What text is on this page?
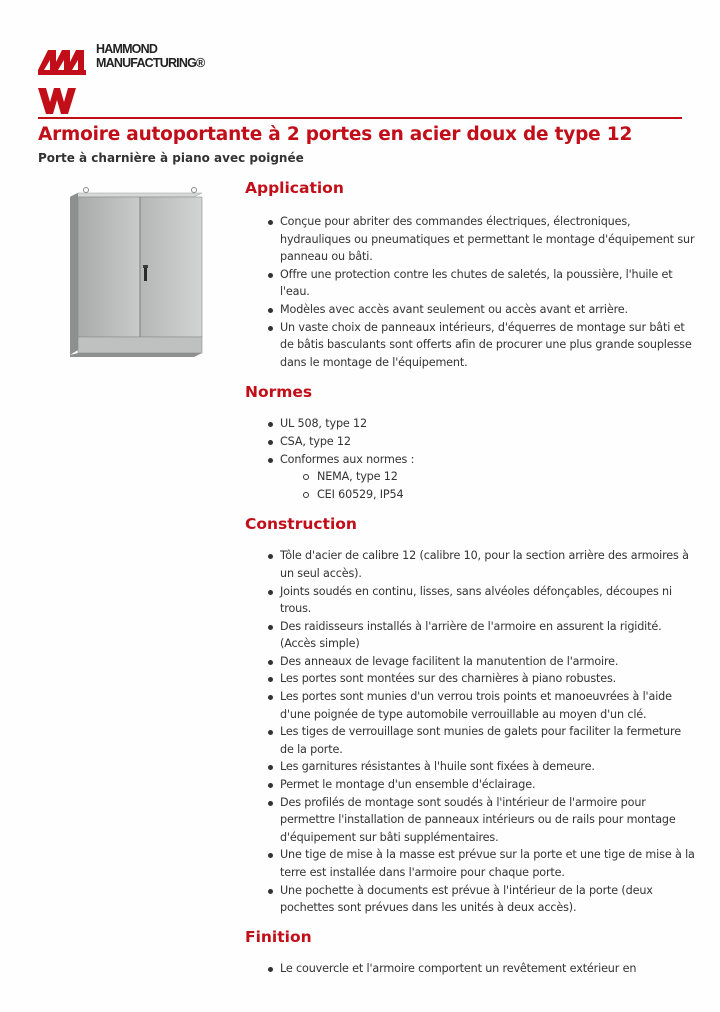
HAMMOND
MANUFACTURING®
Armoire autoportante à 2 portes en acier doux de type 12

Porte à charnière à piano avec poignée

Application
Conçue pour abriter des commandes électriques, électroniques, hydrauliques ou pneumatiques et permettant le montage d'équipement sur panneau ou bâti.
Offre une protection contre les chutes de saletés, la poussière, l'huile et l'eau.
Modèles avec accès avant seulement ou accès avant et arrière.
Un vaste choix de panneaux intérieurs, d'équerres de montage sur bâti et de bâtis basculants sont offerts afin de procurer une plus grande souplesse dans le montage de l'équipement.
Normes
UL 508, type 12
CSA, type 12
Conformes aux normes :
NEMA, type 12
CEI 60529, IP54
Construction
Tôle d'acier de calibre 12 (calibre 10, pour la section arrière des armoires à un seul accès).
Joints soudés en continu, lisses, sans alvéoles défonçables, découpes ni trous.
Des raidisseurs installés à l'arrière de l'armoire en assurent la rigidité. (Accès simple)
Des anneaux de levage facilitent la manutention de l'armoire.
Les portes sont montées sur des charnières à piano robustes.
Les portes sont munies d'un verrou trois points et manoeuvrées à l'aide d'une poignée de type automobile verrouillable au moyen d'un clé.
Les tiges de verrouillage sont munies de galets pour faciliter la fermeture de la porte.
Les garnitures résistantes à l'huile sont fixées à demeure.
Permet le montage d'un ensemble d'éclairage.
Des profilés de montage sont soudés à l'intérieur de l'armoire pour permettre l'installation de panneaux intérieurs ou de rails pour montage d'équipement sur bâti supplémentaires.
Une tige de mise à la masse est prévue sur la porte et une tige de mise à la terre est installée dans l'armoire pour chaque porte.
Une pochette à documents est prévue à l'intérieur de la porte (deux pochettes sont prévues dans les unités à deux accès).
Finition
Le couvercle et l'armoire comportent un revêtement extérieur en
